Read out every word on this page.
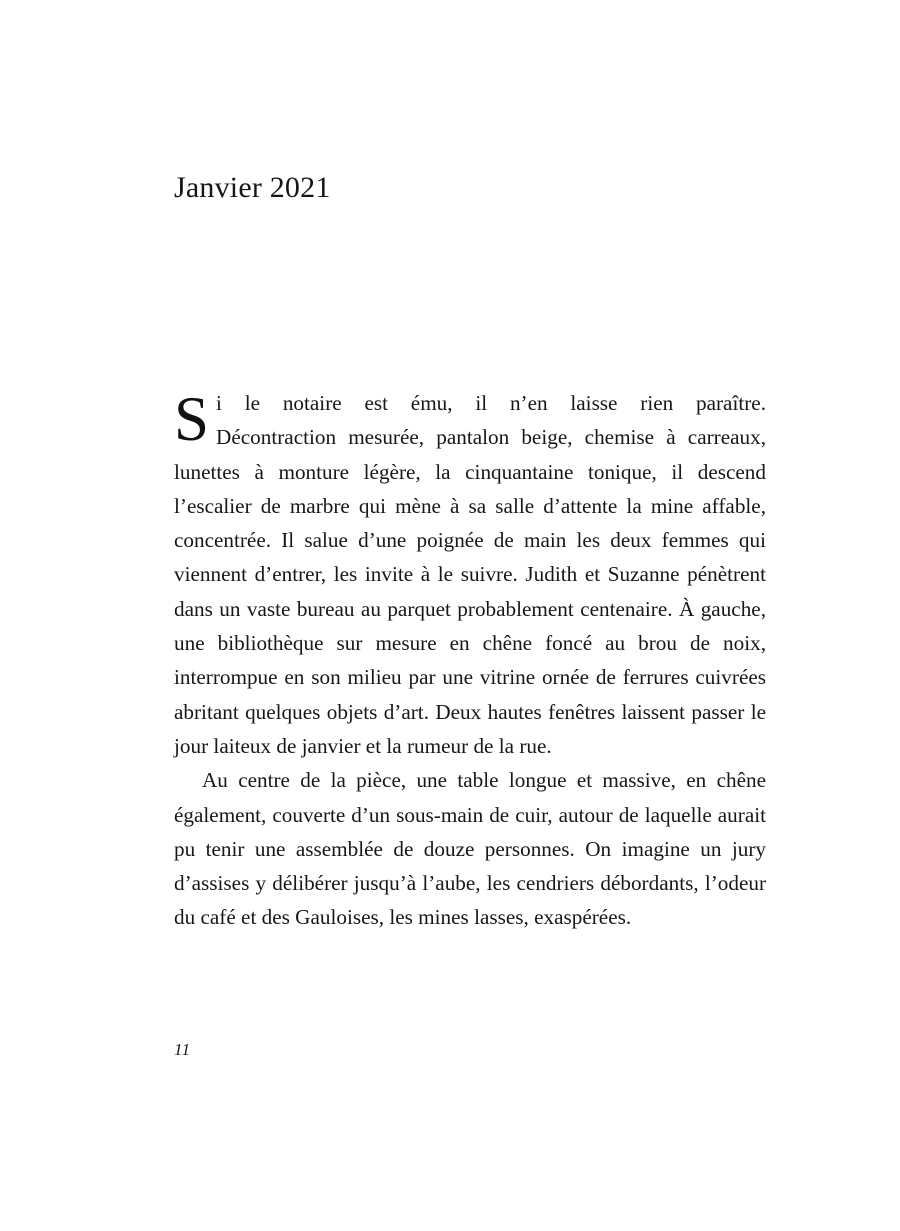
Janvier 2021

Si le notaire est ému, il n’en laisse rien paraître. Décontraction mesurée, pantalon beige, chemise à carreaux, lunettes à monture légère, la cinquantaine tonique, il descend l’escalier de marbre qui mène à sa salle d’attente la mine affable, concentrée. Il salue d’une poignée de main les deux femmes qui viennent d’entrer, les invite à le suivre. Judith et Suzanne pénètrent dans un vaste bureau au parquet probablement centenaire. À gauche, une bibliothèque sur mesure en chêne foncé au brou de noix, interrompue en son milieu par une vitrine ornée de ferrures cuivrées abritant quelques objets d’art. Deux hautes fenêtres laissent passer le jour laiteux de janvier et la rumeur de la rue.

Au centre de la pièce, une table longue et massive, en chêne également, couverte d’un sous-main de cuir, autour de laquelle aurait pu tenir une assemblée de douze personnes. On imagine un jury d’assises y délibérer jusqu’à l’aube, les cendriers débordants, l’odeur du café et des Gauloises, les mines lasses, exaspérées.

11
